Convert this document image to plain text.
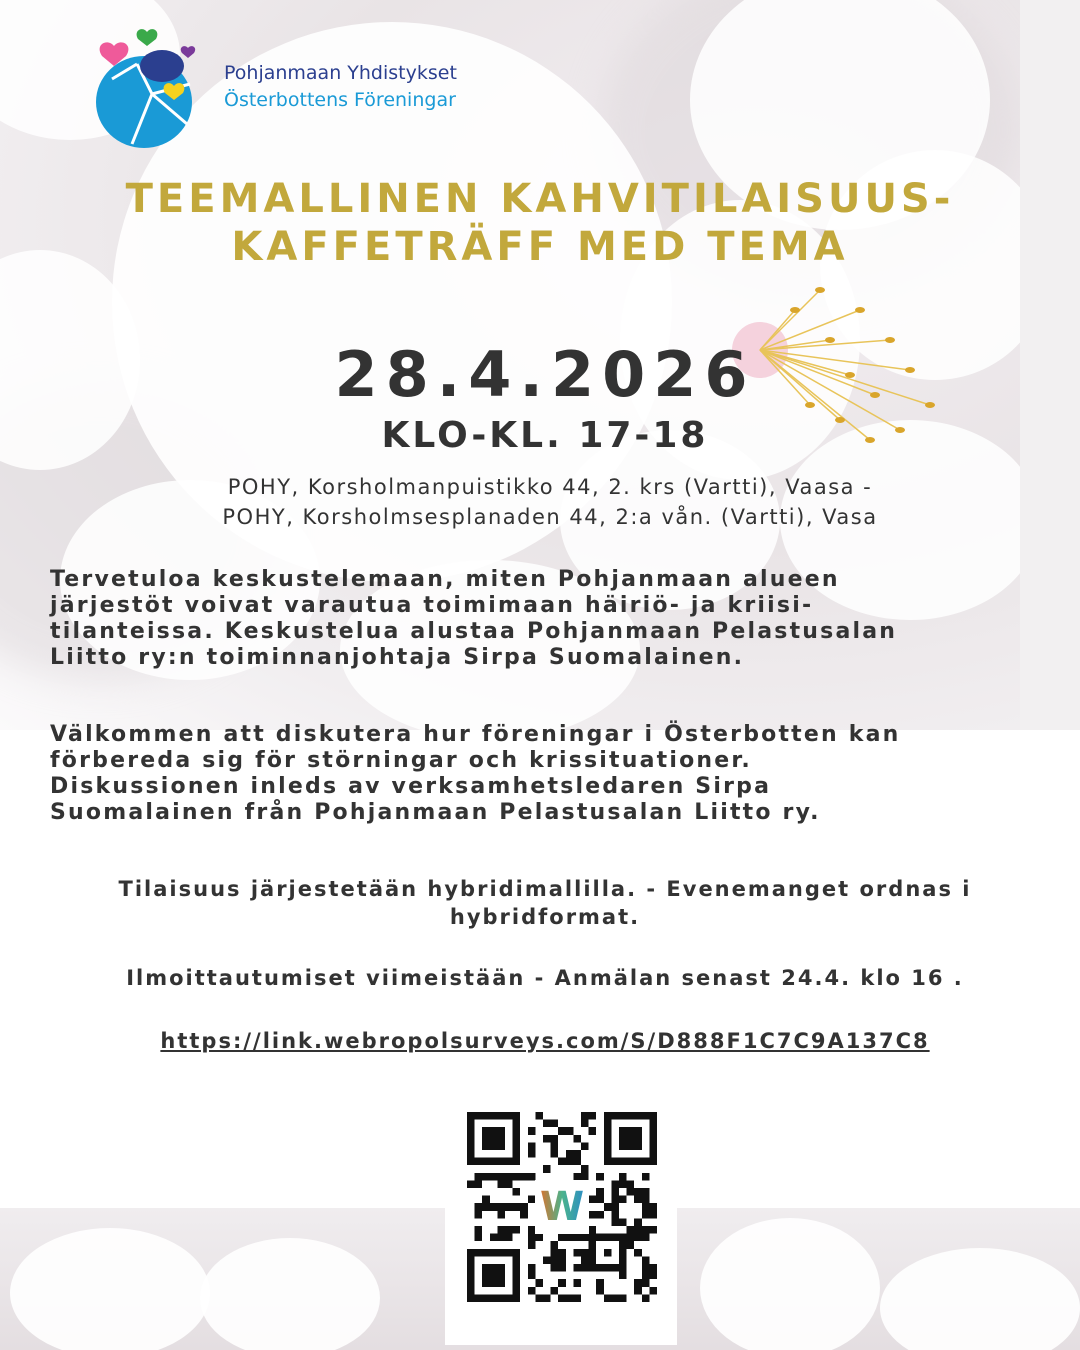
Pohjanmaan Yhdistykset
Österbottens Föreningar
TEEMALLINEN KAHVITILAISUUS-
KAFFETRÄFF MED TEMA
28.4.2026
KLO-KL. 17-18
POHY, Korsholmanpuistikko 44, 2. krs (Vartti), Vaasa -
POHY, Korsholmsesplanaden 44, 2:a vån. (Vartti), Vasa
Tervetuloa keskustelemaan, miten Pohjanmaan alueen
järjestöt voivat varautua toimimaan häiriö- ja kriisi-
tilanteissa. Keskustelua alustaa Pohjanmaan Pelastusalan
Liitto ry:n toiminnanjohtaja Sirpa Suomalainen.
Välkommen att diskutera hur föreningar i Österbotten kan
förbereda sig för störningar och krissituationer.
Diskussionen inleds av verksamhetsledaren Sirpa
Suomalainen från Pohjanmaan Pelastusalan Liitto ry.
Tilaisuus järjestetään hybridimallilla. - Evenemanget ordnas i
hybridformat.
Ilmoittautumiset viimeistään - Anmälan senast 24.4. klo 16 .
https://link.webropolsurveys.com/S/D888F1C7C9A137C8
W
